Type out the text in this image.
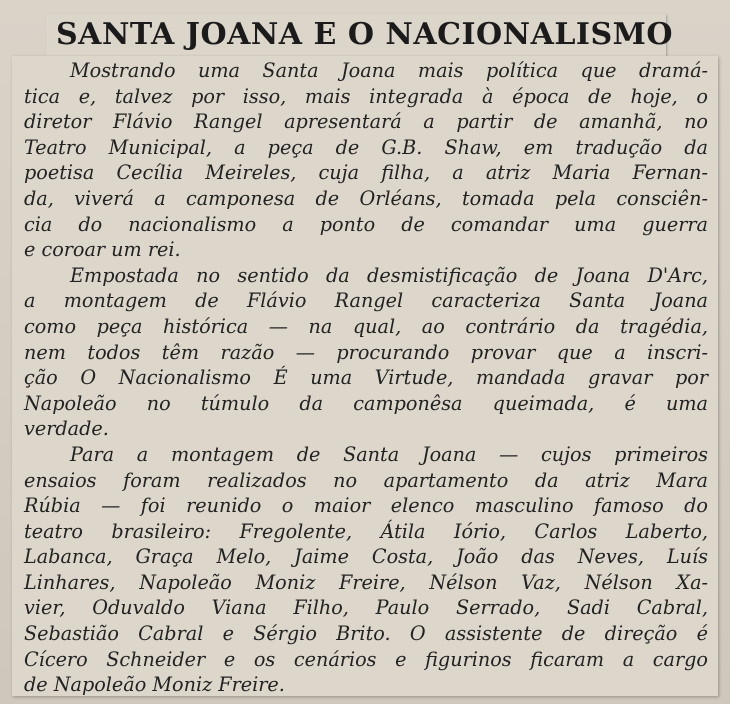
SANTA JOANA E O NACIONALISMO

Mostrando uma Santa Joana mais política que dramá-
tica e, talvez por isso, mais integrada à época de hoje, o
diretor Flávio Rangel apresentará a partir de amanhã, no
Teatro Municipal, a peça de G.B. Shaw, em tradução da
poetisa Cecília Meireles, cuja filha, a atriz Maria Fernan-
da, viverá a camponesa de Orléans, tomada pela consciên-
cia do nacionalismo a ponto de comandar uma guerra
e coroar um rei.

Empostada no sentido da desmistificação de Joana D'Arc,
a montagem de Flávio Rangel caracteriza Santa Joana
como peça histórica — na qual, ao contrário da tragédia,
nem todos têm razão — procurando provar que a inscri-
ção O Nacionalismo É uma Virtude, mandada gravar por
Napoleão no túmulo da camponêsa queimada, é uma
verdade.

Para a montagem de Santa Joana — cujos primeiros
ensaios foram realizados no apartamento da atriz Mara
Rúbia — foi reunido o maior elenco masculino famoso do
teatro brasileiro: Fregolente, Átila Iório, Carlos Laberto,
Labanca, Graça Melo, Jaime Costa, João das Neves, Luís
Linhares, Napoleão Moniz Freire, Nélson Vaz, Nélson Xa-
vier, Oduvaldo Viana Filho, Paulo Serrado, Sadi Cabral,
Sebastião Cabral e Sérgio Brito. O assistente de direção é
Cícero Schneider e os cenários e figurinos ficaram a cargo
de Napoleão Moniz Freire.
